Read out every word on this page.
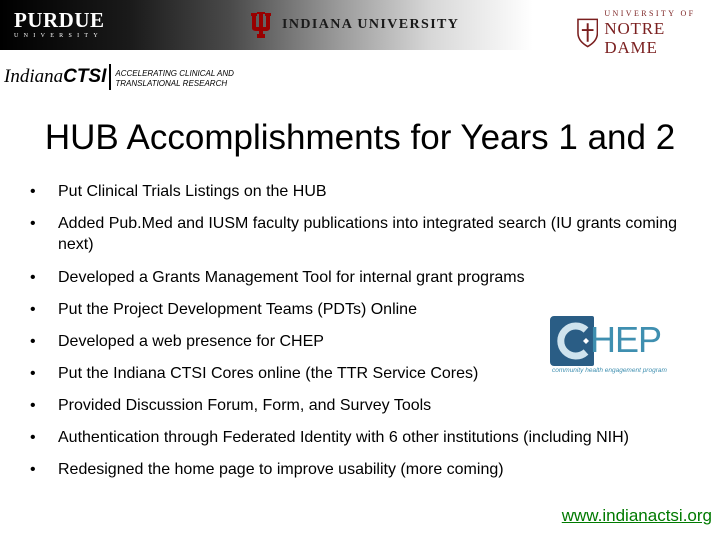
PURDUE
UNIVERSITY
INDIANA UNIVERSITY
UNIVERSITY OF
NOTRE DAME
IndianaCTSI ACCELERATING CLINICAL AND
TRANSLATIONAL RESEARCH
HUB Accomplishments for Years 1 and 2
•	Put Clinical Trials Listings on the HUB
•	Added Pub.Med and IUSM faculty publications into integrated search (IU grants coming next)
•	Developed a Grants Management Tool for internal grant programs
•	Put the Project Development Teams (PDTs) Online
•	Developed a web presence for CHEP
•	Put the Indiana CTSI Cores online (the TTR Service Cores)
•	Provided Discussion Forum, Form, and Survey Tools
•	Authentication through Federated Identity with 6 other institutions (including NIH)
•	Redesigned the home page to improve usability (more coming)
HEP
community health engagement program
www.indianactsi.org
